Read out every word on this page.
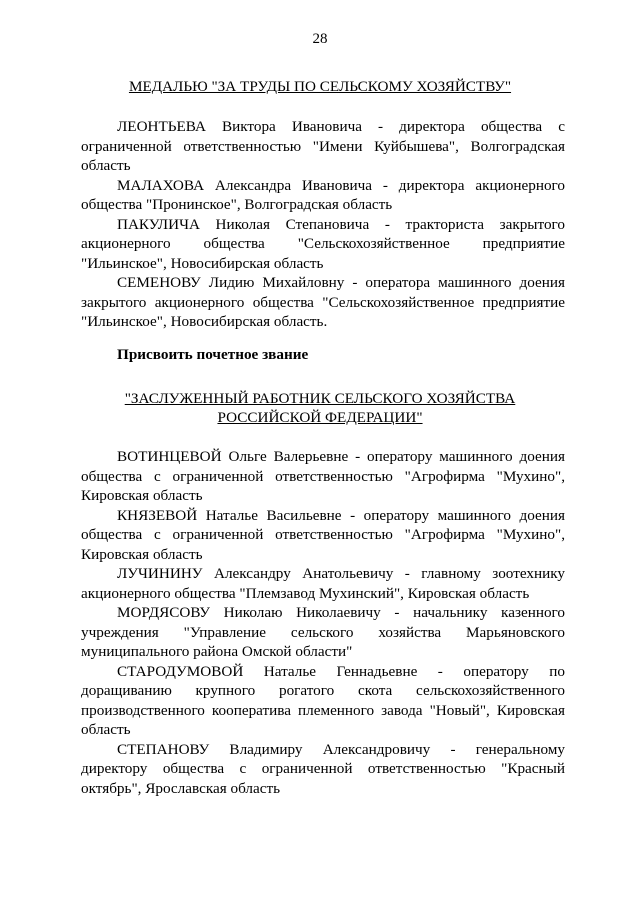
28
МЕДАЛЬЮ "ЗА ТРУДЫ ПО СЕЛЬСКОМУ ХОЗЯЙСТВУ"

ЛЕОНТЬЕВА Виктора Ивановича - директора общества с ограниченной ответственностью "Имени Куйбышева", Волгоградская область

МАЛАХОВА Александра Ивановича - директора акционерного общества "Пронинское", Волгоградская область

ПАКУЛИЧА Николая Степановича - тракториста закрытого акционерного общества "Сельскохозяйственное предприятие "Ильинское", Новосибирская область

СЕМЕНОВУ Лидию Михайловну - оператора машинного доения закрытого акционерного общества "Сельскохозяйственное предприятие "Ильинское", Новосибирская область.

Присвоить почетное звание
"ЗАСЛУЖЕННЫЙ РАБОТНИК СЕЛЬСКОГО ХОЗЯЙСТВА
РОССИЙСКОЙ ФЕДЕРАЦИИ"

ВОТИНЦЕВОЙ Ольге Валерьевне - оператору машинного доения общества с ограниченной ответственностью "Агрофирма "Мухино", Кировская область

КНЯЗЕВОЙ Наталье Васильевне - оператору машинного доения общества с ограниченной ответственностью "Агрофирма "Мухино", Кировская область

ЛУЧИНИНУ Александру Анатольевичу - главному зоотехнику акционерного общества "Племзавод Мухинский", Кировская область

МОРДЯСОВУ Николаю Николаевичу - начальнику казенного учреждения "Управление сельского хозяйства Марьяновского муниципального района Омской области"

СТАРОДУМОВОЙ Наталье Геннадьевне - оператору по доращиванию крупного рогатого скота сельскохозяйственного производственного кооператива племенного завода "Новый", Кировская область

СТЕПАНОВУ Владимиру Александровичу - генеральному директору общества с ограниченной ответственностью "Красный октябрь", Ярославская область
